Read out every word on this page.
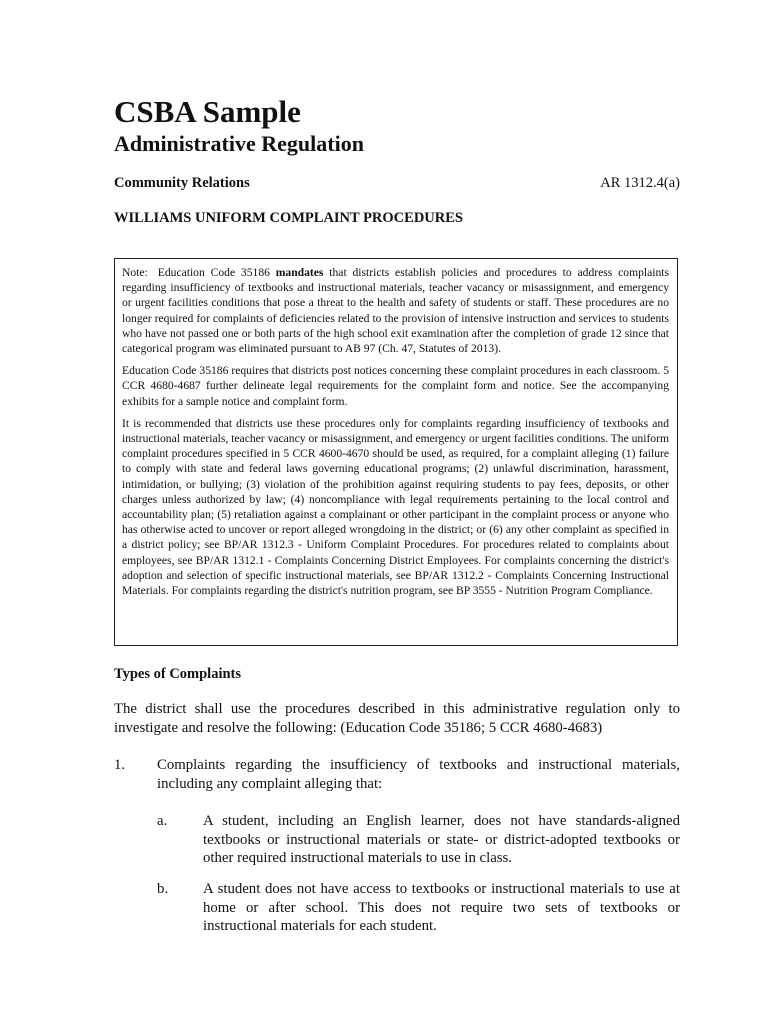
CSBA Sample
Administrative Regulation
Community Relations	AR 1312.4(a)
WILLIAMS UNIFORM COMPLAINT PROCEDURES

Note: Education Code 35186 mandates that districts establish policies and procedures to address complaints regarding insufficiency of textbooks and instructional materials, teacher vacancy or misassignment, and emergency or urgent facilities conditions that pose a threat to the health and safety of students or staff. These procedures are no longer required for complaints of deficiencies related to the provision of intensive instruction and services to students who have not passed one or both parts of the high school exit examination after the completion of grade 12 since that categorical program was eliminated pursuant to AB 97 (Ch. 47, Statutes of 2013).

Education Code 35186 requires that districts post notices concerning these complaint procedures in each classroom. 5 CCR 4680-4687 further delineate legal requirements for the complaint form and notice. See the accompanying exhibits for a sample notice and complaint form.

It is recommended that districts use these procedures only for complaints regarding insufficiency of textbooks and instructional materials, teacher vacancy or misassignment, and emergency or urgent facilities conditions. The uniform complaint procedures specified in 5 CCR 4600-4670 should be used, as required, for a complaint alleging (1) failure to comply with state and federal laws governing educational programs; (2) unlawful discrimination, harassment, intimidation, or bullying; (3) violation of the prohibition against requiring students to pay fees, deposits, or other charges unless authorized by law; (4) noncompliance with legal requirements pertaining to the local control and accountability plan; (5) retaliation against a complainant or other participant in the complaint process or anyone who has otherwise acted to uncover or report alleged wrongdoing in the district; or (6) any other complaint as specified in a district policy; see BP/AR 1312.3 - Uniform Complaint Procedures. For procedures related to complaints about employees, see BP/AR 1312.1 - Complaints Concerning District Employees. For complaints concerning the district's adoption and selection of specific instructional materials, see BP/AR 1312.2 - Complaints Concerning Instructional Materials. For complaints regarding the district's nutrition program, see BP 3555 - Nutrition Program Compliance.

Types of Complaints
The district shall use the procedures described in this administrative regulation only to investigate and resolve the following: (Education Code 35186; 5 CCR 4680-4683)
1. Complaints regarding the insufficiency of textbooks and instructional materials, including any complaint alleging that:
a. A student, including an English learner, does not have standards-aligned textbooks or instructional materials or state- or district-adopted textbooks or other required instructional materials to use in class.
b. A student does not have access to textbooks or instructional materials to use at home or after school. This does not require two sets of textbooks or instructional materials for each student.
